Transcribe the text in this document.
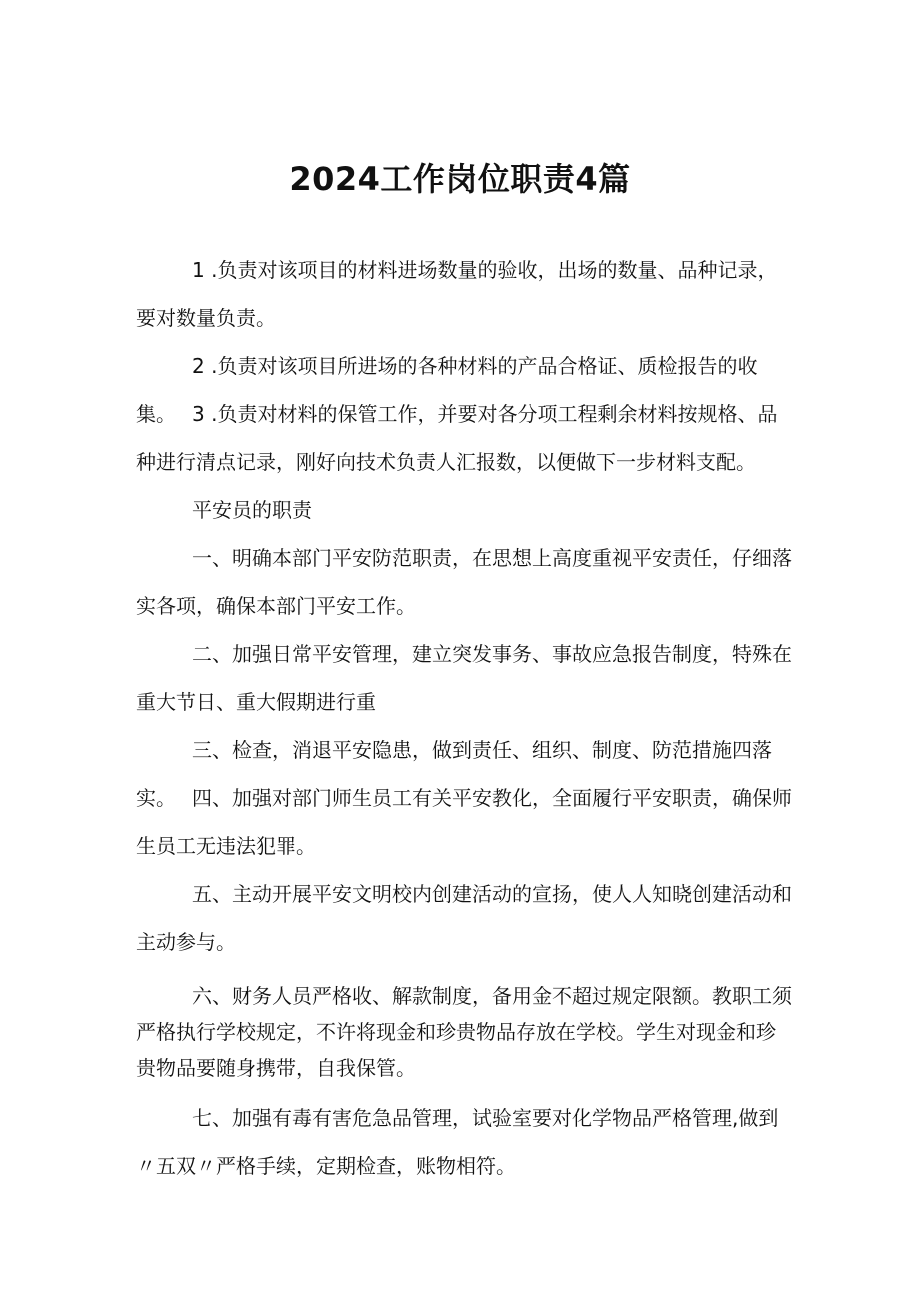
2024工作岗位职责4篇

1 .负责对该项目的材料进场数量的验收，出场的数量、品种记录，要对数量负责。

2 .负责对该项目所进场的各种材料的产品合格证、质检报告的收集。 3 .负责对材料的保管工作，并要对各分项工程剩余材料按规格、品种进行清点记录，刚好向技术负责人汇报数，以便做下一步材料支配。

平安员的职责

一、明确本部门平安防范职责，在思想上高度重视平安责任，仔细落实各项，确保本部门平安工作。

二、加强日常平安管理，建立突发事务、事故应急报告制度，特殊在重大节日、重大假期进行重

三、检查，消退平安隐患，做到责任、组织、制度、防范措施四落实。 四、加强对部门师生员工有关平安教化，全面履行平安职责，确保师生员工无违法犯罪。

五、主动开展平安文明校内创建活动的宣扬，使人人知晓创建活动和主动参与。

六、财务人员严格收、解款制度，备用金不超过规定限额。教职工须严格执行学校规定，不许将现金和珍贵物品存放在学校。学生对现金和珍贵物品要随身携带，自我保管。

七、加强有毒有害危急品管理，试验室要对化学物品严格管理,做到〃五双〃严格手续，定期检查，账物相符。
